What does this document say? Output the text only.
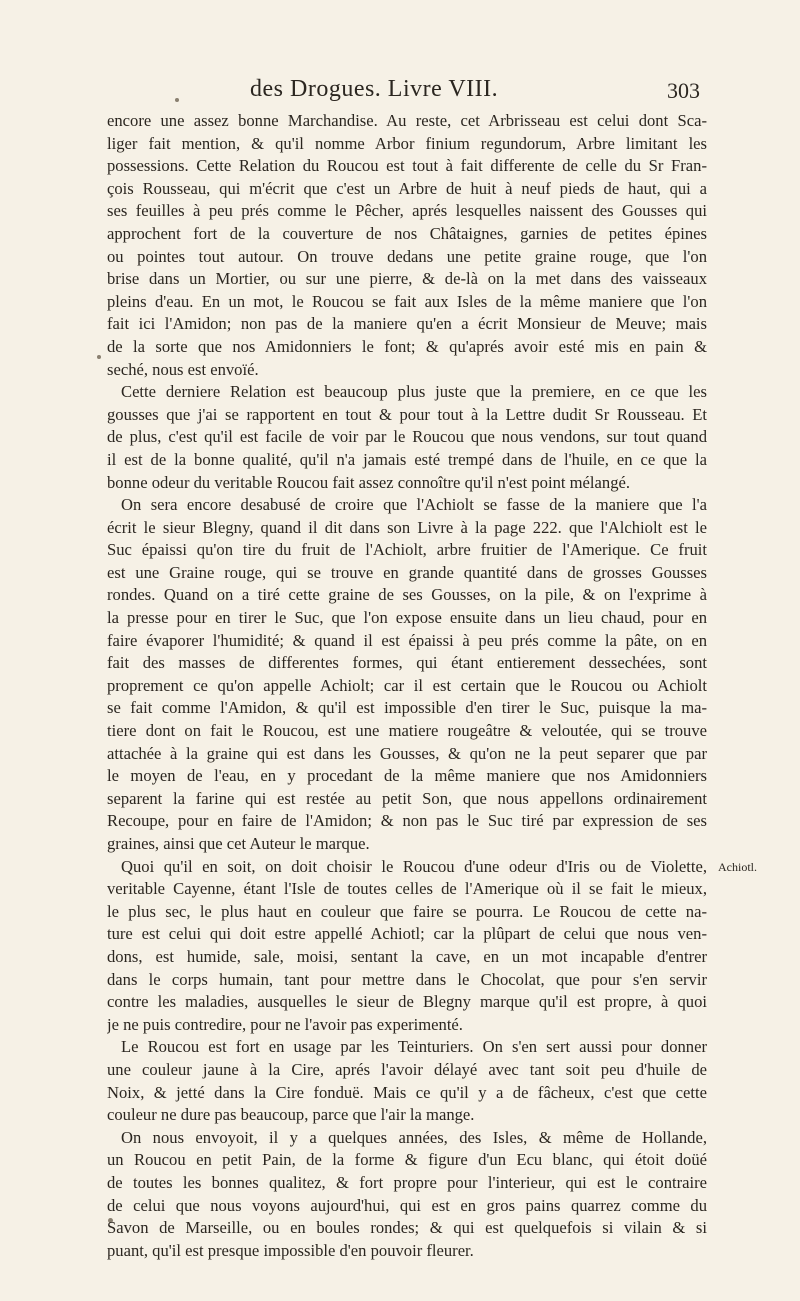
des Drogues. Livre VIII.	303
Achiotl.
encore une assez bonne Marchandise. Au reste, cet Arbrisseau est celui dont Sca-
liger fait mention, & qu'il nomme Arbor finium regundorum, Arbre limitant les
possessions. Cette Relation du Roucou est tout à fait differente de celle du Sr Fran-
çois Rousseau, qui m'écrit que c'est un Arbre de huit à neuf pieds de haut, qui a
ses feuilles à peu prés comme le Pêcher, aprés lesquelles naissent des Gousses qui
approchent fort de la couverture de nos Châtaignes, garnies de petites épines
ou pointes tout autour. On trouve dedans une petite graine rouge, que l'on
brise dans un Mortier, ou sur une pierre, & de-là on la met dans des vaisseaux
pleins d'eau. En un mot, le Roucou se fait aux Isles de la même maniere que l'on
fait ici l'Amidon; non pas de la maniere qu'en a écrit Monsieur de Meuve; mais
de la sorte que nos Amidonniers le font; & qu'aprés avoir esté mis en pain &
seché, nous est envoïé.
Cette derniere Relation est beaucoup plus juste que la premiere, en ce que les
gousses que j'ai se rapportent en tout & pour tout à la Lettre dudit Sr Rousseau. Et
de plus, c'est qu'il est facile de voir par le Roucou que nous vendons, sur tout quand
il est de la bonne qualité, qu'il n'a jamais esté trempé dans de l'huile, en ce que la
bonne odeur du veritable Roucou fait assez connoître qu'il n'est point mélangé.
On sera encore desabusé de croire que l'Achiolt se fasse de la maniere que l'a
écrit le sieur Blegny, quand il dit dans son Livre à la page 222. que l'Alchiolt est le
Suc épaissi qu'on tire du fruit de l'Achiolt, arbre fruitier de l'Amerique. Ce fruit
est une Graine rouge, qui se trouve en grande quantité dans de grosses Gousses
rondes. Quand on a tiré cette graine de ses Gousses, on la pile, & on l'exprime à
la presse pour en tirer le Suc, que l'on expose ensuite dans un lieu chaud, pour en
faire évaporer l'humidité; & quand il est épaissi à peu prés comme la pâte, on en
fait des masses de differentes formes, qui étant entierement dessechées, sont
proprement ce qu'on appelle Achiolt; car il est certain que le Roucou ou Achiolt
se fait comme l'Amidon, & qu'il est impossible d'en tirer le Suc, puisque la ma-
tiere dont on fait le Roucou, est une matiere rougeâtre & veloutée, qui se trouve
attachée à la graine qui est dans les Gousses, & qu'on ne la peut separer que par
le moyen de l'eau, en y procedant de la même maniere que nos Amidonniers
separent la farine qui est restée au petit Son, que nous appellons ordinairement
Recoupe, pour en faire de l'Amidon; & non pas le Suc tiré par expression de ses
graines, ainsi que cet Auteur le marque.
Quoi qu'il en soit, on doit choisir le Roucou d'une odeur d'Iris ou de Violette,
veritable Cayenne, étant l'Isle de toutes celles de l'Amerique où il se fait le mieux,
le plus sec, le plus haut en couleur que faire se pourra. Le Roucou de cette na-
ture est celui qui doit estre appellé Achiotl; car la plûpart de celui que nous ven-
dons, est humide, sale, moisi, sentant la cave, en un mot incapable d'entrer
dans le corps humain, tant pour mettre dans le Chocolat, que pour s'en servir
contre les maladies, ausquelles le sieur de Blegny marque qu'il est propre, à quoi
je ne puis contredire, pour ne l'avoir pas experimenté.
Le Roucou est fort en usage par les Teinturiers. On s'en sert aussi pour donner
une couleur jaune à la Cire, aprés l'avoir délayé avec tant soit peu d'huile de
Noix, & jetté dans la Cire fonduë. Mais ce qu'il y a de fâcheux, c'est que cette
couleur ne dure pas beaucoup, parce que l'air la mange.
On nous envoyoit, il y a quelques années, des Isles, & même de Hollande,
un Roucou en petit Pain, de la forme & figure d'un Ecu blanc, qui étoit doüé
de toutes les bonnes qualitez, & fort propre pour l'interieur, qui est le contraire
de celui que nous voyons aujourd'hui, qui est en gros pains quarrez comme du
Savon de Marseille, ou en boules rondes; & qui est quelquefois si vilain & si
puant, qu'il est presque impossible d'en pouvoir fleurer.
